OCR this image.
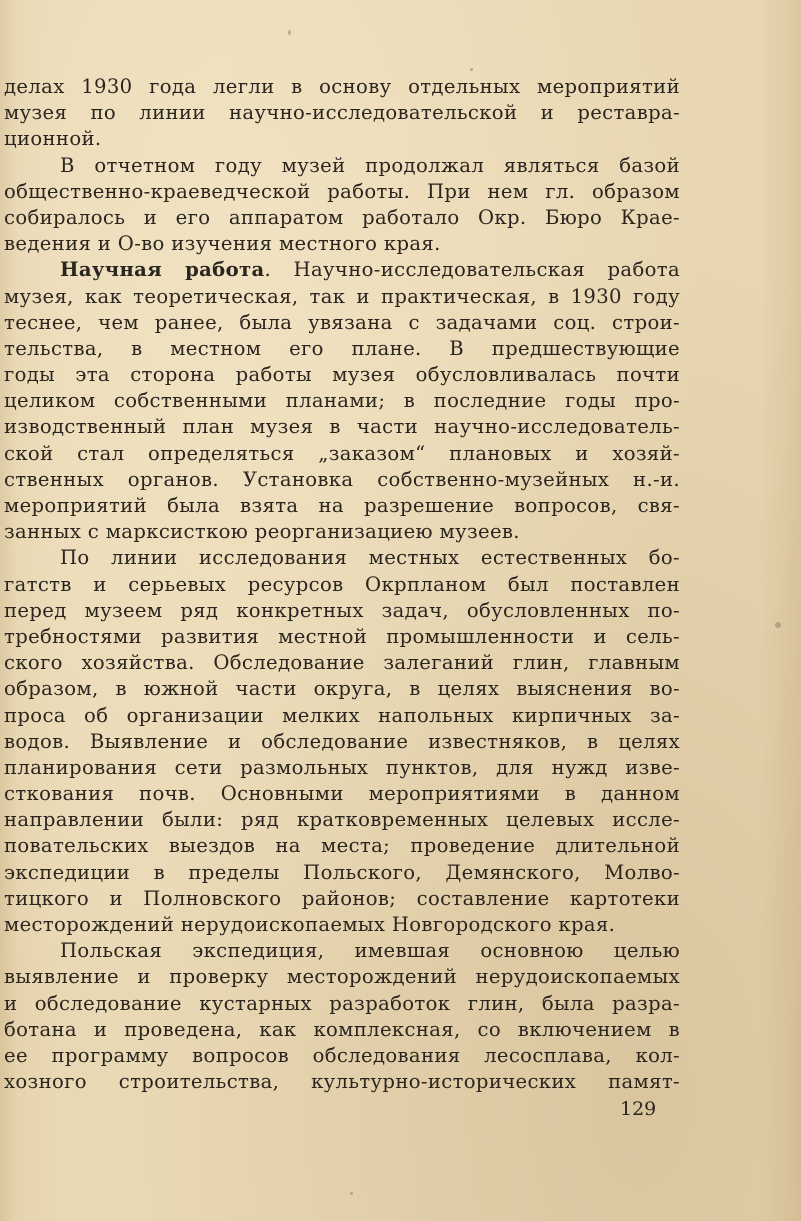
делах 1930 года легли в основу отдельных мероприятий
музея по линии научно-исследовательской и реставра-
ционной.
В отчетном году музей продолжал являться базой
общественно-краеведческой работы. При нем гл. образом
собиралось и его аппаратом работало Окр. Бюро Крае-
ведения и О-во изучения местного края.
Научная работа. Научно-исследовательская работа
музея, как теоретическая, так и практическая, в 1930 году
теснее, чем ранее, была увязана с задачами соц. строи-
тельства, в местном его плане. В предшествующие
годы эта сторона работы музея обусловливалась почти
целиком собственными планами; в последние годы про-
изводственный план музея в части научно-исследователь-
ской стал определяться „заказом“ плановых и хозяй-
ственных органов. Установка собственно-музейных н.-и.
мероприятий была взята на разрешение вопросов, свя-
занных с марксисткою реорганизациею музеев.
По линии исследования местных естественных бо-
гатств и серьевых ресурсов Окрпланом был поставлен
перед музеем ряд конкретных задач, обусловленных по-
требностями развития местной промышленности и сель-
ского хозяйства. Обследование залеганий глин, главным
образом, в южной части округа, в целях выяснения во-
проса об организации мелких напольных кирпичных за-
водов. Выявление и обследование известняков, в целях
планирования сети размольных пунктов, для нужд изве-
сткования почв. Основными мероприятиями в данном
направлении были: ряд кратковременных целевых иссле-
повательских выездов на места; проведение длительной
экспедиции в пределы Польского, Демянского, Молво-
тицкого и Полновского районов; составление картотеки
месторождений нерудоископаемых Новгородского края.
Польская экспедиция, имевшая основною целью
выявление и проверку месторождений нерудоископаемых
и обследование кустарных разработок глин, была разра-
ботана и проведена, как комплексная, со включением в
ее программу вопросов обследования лесосплава, кол-
хозного строительства, культурно-исторических памят-
129
